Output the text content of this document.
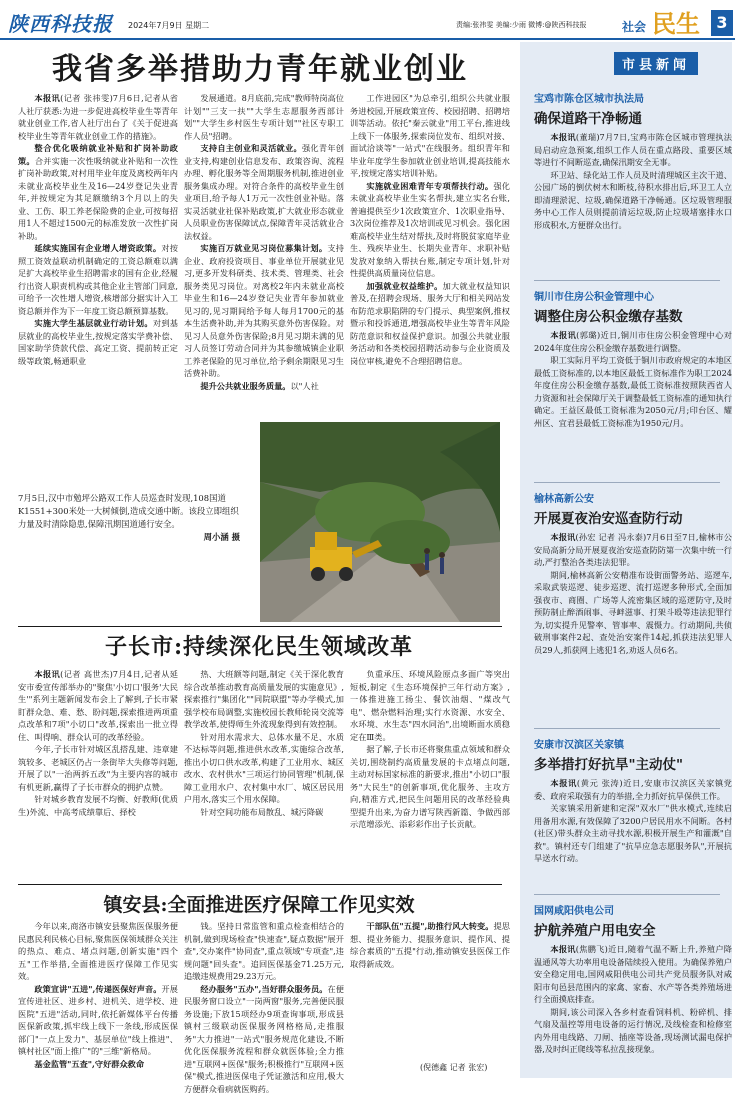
陕西科技报 2024年7月9日 星期二	责编:张祎雯 美编:少雨 微博:@陕西科技报	社会 民生	3
我省多举措助力青年就业创业

本报讯(记者 张祎雯)7月6日,记者从省人社厅获悉:为进一步促进高校毕业生等青年就业创业工作,省人社厅出台了《关于促进高校毕业生等青年就业创业工作的措施》。

整合优化吸纳就业补贴和扩岗补助政策。合并实施一次性吸纳就业补贴和一次性扩岗补助政策,对村用毕业年度及离校两年内未就业高校毕业生及16—24岁登记失业青年,并按规定为其足额缴纳3个月以上的失业、工伤、职工养老保险费的企业,可按每招用1人不超过1500元的标准发放一次性扩岗补助。

延续实施国有企业增人增资政策。对按照工资效益联动机制确定的工资总额难以满足扩大高校毕业生招聘需求的国有企业,经履行出资人职责机构或其他企业主管部门同意,可给予一次性增人增资,核增部分据实计入工资总额并作为下一年度工资总额预算基数。

实施大学生基层就业行动计划。对到基层就业的高校毕业生,按规定落实学费补偿、国家助学贷款代偿、高定工资、提前转正定级等政策,畅通职业

发展通道。8月底前,完成"教师特岗高位计划""三支一扶""大学生志愿服务西部计划""大学生乡村医生专项计划""社区专职工作人员"招聘。

支持自主创业和灵活就业。强化青年创业支持,构建创业信息发布、政策咨询、流程办理、孵化服务等全周期服务机制,推进创业服务集成办理。对符合条件的高校毕业生创业项目,给予每人1万元一次性创业补贴。落实灵活就业社保补贴政策,扩大就业形态就业人员职业伤害保障试点,保障青年灵活就业合法权益。

实施百万就业见习岗位募集计划。支持企业、政府投资项目、事业单位开展就业见习,更多开发科研类、技术类、管理类、社会服务类见习岗位。对离校2年内未就业高校毕业生和16—24岁登记失业青年参加就业见习的,见习期间给予每人每月1700元的基本生活费补助,并为其购买意外伤害保险。对见习人员意外伤害保险;8月见习期未满的见习人员签订劳动合同并为其参缴城镇企业职工养老保险的见习单位,给予剩余期限见习生活费补助。

提升公共就业服务质量。以"人社

工作进园区"为总牵引,组织公共就业服务进校园,开展政策宣传、校园招聘、招聘培训等活动。依托"秦云就业"用工平台,推进线上线下一体服务,探索岗位发布、组织对接、面试洽谈等"一站式"在线服务。组织青年和毕业年度学生参加就业创业培训,提高技能水平,按规定落实培训补贴。

实施就业困难青年专项帮扶行动。强化未就业高校毕业生实名帮扶,建立实名台账,普遍提供至少1次政策宣介、1次职业指导、3次岗位推荐及1次培训或见习机会。强化困难高校毕业生结对帮扶,及时将脱贫家庭毕业生、残疾毕业生、长期失业青年、求职补贴发放对象纳入帮扶台账,制定专项计划,针对性提供高质量岗位信息。

加强就业权益维护。加大就业权益知识普及,在招聘会现场、服务大厅和相关网站发布防范求职陷阱的专门提示、典型案例,推权暨示和投诉通道,增强高校毕业生等青年风险防范意识和权益保护意识。加强公共就业服务活动和各类校园招聘活动参与企业资质及岗位审核,避免不合理招聘信息。

7月5日,汉中市勉坪公路双工作人员巡查时发现,108国道K1551+300米处一大树倾倒,造成交通中断。该段立即组织力量及时清除隐患,保障汛期国道通行安全。
周小涵 摄
子长市:持续深化民生领域改革

本报讯(记者 高世杰)7月4日,记者从延安市委宣传部举办的"聚焦'小切口'服务'大民生'"系列主题新闻发布会上了解到,子长市紧盯群众急、难、愁、盼问题,探索推进两项重点改革和7项"小切口"改革,探索出一批立得住、叫得响、群众认可的改革经验。

今年,子长市针对城区乱搭乱建、违章建筑较多、老城区仍占一条街毕大失修等问题,开展了以"一治两拆五改"为主要内容的城市有机更新,赢得了子长市群众的拥护点赞。

针对城乡教育发展不均衡、好教师(优质生)外流、中高考成绩靠后、择校

热、大班额等问题,制定《关于深化教育综合改革推动教育高质量发展的实施意见》,探索推行"集团化""同院联盟"等办学模式,加强学校布局调整,实施校园长教师轮岗交流等教学改革,使得师生外流现象得到有效控制。

针对用水需求大、总体水量不足、水质不达标等问题,推进供水改革,实施综合改革,推出小切口供水改革,构建了工业用水、城区改水、农村供水"三项运行协同管理"机制,保障工业用水户、农村集中水厂、城区居民用户用水,落实三个用水保障。

针对空间功能布局散乱、城污降碳

负重承压、环境风险原点多面广等突出短板,制定《生态环境保护三年行动方案》,一体推进施工扬尘、餐饮油烟、"煤改气电"、燃杂燃料治理;实行水资源、水安全、水环境、水生态"四水同治",出境断面水质稳定在Ⅲ类。

据了解,子长市还将聚焦重点领域和群众关切,围绕制约高质量发展的卡点堵点问题,主动对标国家标准的新要求,推出"小切口"服务"大民生"的创新事项,优化服务、主攻方向,精准方式,把民生问题用民的改革经验典型提升出来,为奋力谱写陕西新篇、争做西部示范增添光、添彩彩作出子长贡献。

镇安县:全面推进医疗保障工作见实效

今年以来,商洛市镇安县聚焦医保服务便民惠民利民核心目标,聚焦医保领域群众关注的热点、难点、堵点问题,创新实施"四个五"工作举措,全面推进医疗保障工作见实效。

政策宣讲"五进",传递医保好声音。开展宣传进社区、进乡村、进机关、进学校、进医院"五进"活动,同时,依托新媒体平台传播医保新政策,抓牢线上线下一条线,形成医保部门"一点上发力"、基层单位"线上推进"、镇村社区"面上推广"的"三维"新格局。

基金监管"五查",守好群众救命

钱。坚持日常监管和重点检查相结合的机制,做到现场检查"快速查",疑点数据"展开查",交办案件"协同查",重点领域"专项查",违规问题"回头查"。追回医保基金71.25万元,追缴违规费用29.23万元。

经办服务"五办",当好群众服务员。在便民服务窗口设立"一岗两窗"服务,完善便民服务设施;下放15项经办9项查询事项,形成县镇村三级联动医保服务网格格局,走推服务"大力推进"一站式"服务规范化建设,不断优化医保服务流程和群众就医体验;全力推进"互联网+医保"服务;积极推行"互联网+医保"模式,推进医保电子凭证激活和应用,极大方便群众看病就医购药。

干部队伍"五提",助推行风大转变。提思想、提业务能力、提服务意识、提作风、提综合素质的"五提"行动,推动镇安县医保工作取得新成效。

(倪德鑫 记者 张宏)
市县新闻
宝鸡市陈仓区城市执法局
确保道路干净畅通

本报讯(董瑞)7月7日,宝鸡市陈仓区城市管理执法局启动应急预案,组织工作人员在重点路段、重要区域等进行不间断巡查,确保汛期安全无事。

环卫站、绿化站工作人员及时清理城区主次干道、公园广场的倒伏树木和断枝,待积水排出后,环卫工人立即清理淤泥、垃圾,确保道路干净畅通。区垃圾管理服务中心工作人员则提前清运垃圾,防止垃圾堵塞排水口形成积水,方便群众出行。

铜川市住房公积金管理中心
调整住房公积金缴存基数

本报讯(郭璐)近日,铜川市住房公积金管理中心对2024年度住房公积金缴存基数进行调整。

职工实际月平均工资低于铜川市政府规定的本地区最低工资标准的,以本地区最低工资标准作为职工2024年度住房公积金缴存基数,最低工资标准按照陕西省人力资源和社会保障厅关于调整最低工资标准的通知执行确定。王益区最低工资标准为2050元/月;印台区、耀州区、宜君县最低工资标准为1950元/月。

榆林高新公安
开展夏夜治安巡查防行动

本报讯(孙宏 记者 冯永泰)7月6日至7日,榆林市公安局高新分局开展夏夜治安巡查防防第一次集中统一行动,严打整治各类违法犯罪。

期间,榆林高新公安精准布设街面警务站、巡逻车,采取武装巡逻、徒步巡逻、流打巡逻多种形式,全面加强夜市、商圈、广场等人流密集区域的巡逻防守,及时预防制止醉酒闹事、寻衅滋事、打架斗殴等违法犯罪行为,切实提升见警率、管事率、震慑力。行动期间,共侦破刑事案件2起、查处治安案件14起,抓获违法犯罪人员29人,抓获网上逃犯1名,劝返人员6名。

安康市汉滨区关家镇
多举措打好抗旱"主动仗"

本报讯(黄元 张涛)近日,安康市汉滨区关家镇党委、政府采取强有力的举措,全力抓好抗旱保供工作。

关家镇采用新建和定深"双水厂"供水模式,连续启用备用水源,有效保障了3200户居民用水不间断。各村(社区)带头群众主动寻找水源,积极开展生产和灌溉"自救"。镇村还专门组建了"抗旱应急志愿服务队",开展抗旱送水行动。

国网咸阳供电公司
护航养殖户用电安全

本报讯(焦鹏飞)近日,随着气温不断上升,养殖户降温通风等大功率用电设备陆续投入使用。为确保养殖户安全稳定用电,国网咸阳供电公司共产党员服务队对咸阳市旬邑县范围内的家禽、家畜、水产等各类养殖场进行全面摸底排查。

期间,该公司深入各乡村查看饲料机、粉碎机、排气扇及温控等用电设备的运行情况,及线检查和检修室内外用电线路、刀闸、插座等设备,现场测试漏电保护器,及时纠正爬线等私拉乱接现象。
